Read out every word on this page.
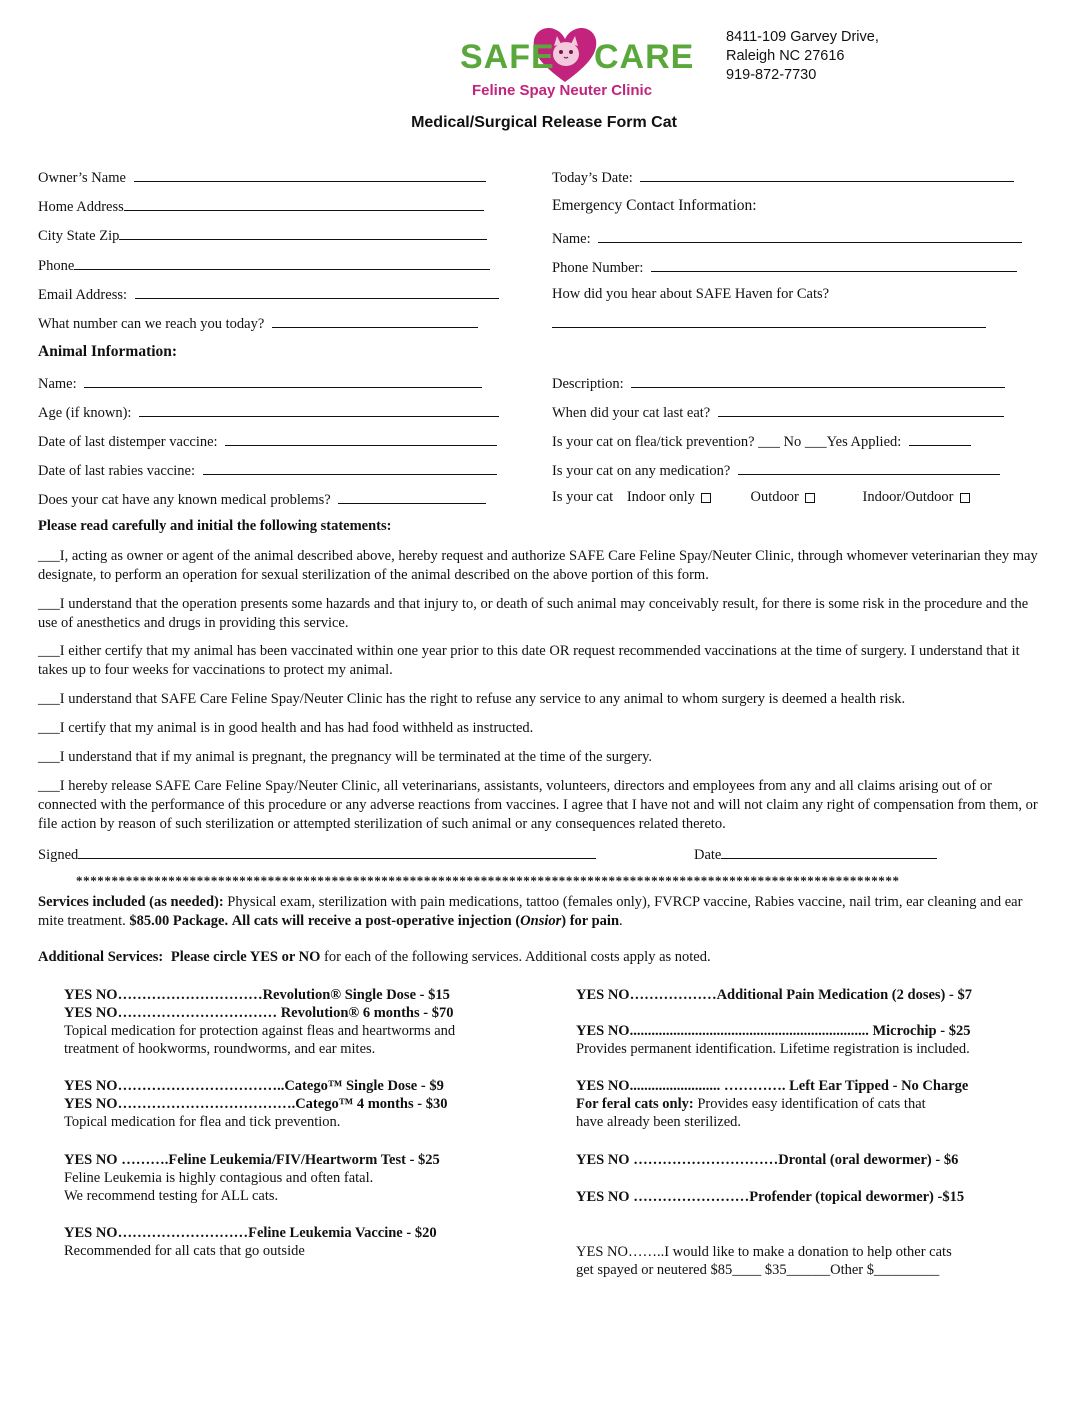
SAFE CARE
Feline Spay Neuter Clinic
8411-109 Garvey Drive,
Raleigh NC 27616
919-872-7730
Medical/Surgical Release Form Cat
Owner’s Name
Home Address
City State Zip
Phone
Email Address:
What number can we reach you today?
Today’s Date:
Emergency Contact Information:
Name:
Phone Number:
How did you hear about SAFE Haven for Cats?
Animal Information:
Name:
Age (if known):
Date of last distemper vaccine:
Date of last rabies vaccine:
Does your cat have any known medical problems?
Description:
When did your cat last eat?
Is your cat on flea/tick prevention? ___ No ___Yes Applied:
Is your cat on any medication?
Is your cat Indoor only	Outdoor	Indoor/Outdoor
Please read carefully and initial the following statements:
___I, acting as owner or agent of the animal described above, hereby request and authorize SAFE Care Feline Spay/Neuter Clinic, through whomever veterinarian they may designate, to perform an operation for sexual sterilization of the animal described on the above portion of this form.
___I understand that the operation presents some hazards and that injury to, or death of such animal may conceivably result, for there is some risk in the procedure and the use of anesthetics and drugs in providing this service.
___I either certify that my animal has been vaccinated within one year prior to this date OR request recommended vaccinations at the time of surgery. I understand that it takes up to four weeks for vaccinations to protect my animal.
___I understand that SAFE Care Feline Spay/Neuter Clinic has the right to refuse any service to any animal to whom surgery is deemed a health risk.
___I certify that my animal is in good health and has had food withheld as instructed.
___I understand that if my animal is pregnant, the pregnancy will be terminated at the time of the surgery.
___I hereby release SAFE Care Feline Spay/Neuter Clinic, all veterinarians, assistants, volunteers, directors and employees from any and all claims arising out of or connected with the performance of this procedure or any adverse reactions from vaccines. I agree that I have not and will not claim any right of compensation from them, or file action by reason of such sterilization or attempted sterilization of such animal or any consequences related thereto.
Signed	Date
********************************************************************************************************************
Services included (as needed): Physical exam, sterilization with pain medications, tattoo (females only), FVRCP vaccine, Rabies vaccine, nail trim, ear cleaning and ear mite treatment. $85.00 Package. All cats will receive a post-operative injection (Onsior) for pain.
Additional Services: Please circle YES or NO for each of the following services. Additional costs apply as noted.
YES NO…………………………Revolution® Single Dose - $15
YES NO…………………………… Revolution® 6 months - $70
Topical medication for protection against fleas and heartworms and
treatment of hookworms, roundworms, and ear mites.
YES NO……………………………..Catego™ Single Dose - $9
YES NO……………………………….Catego™ 4 months - $30
Topical medication for flea and tick prevention.
YES NO ……….Feline Leukemia/FIV/Heartworm Test - $25
Feline Leukemia is highly contagious and often fatal.
We recommend testing for ALL cats.
YES NO………………………Feline Leukemia Vaccine - $20
Recommended for all cats that go outside
YES NO………………Additional Pain Medication (2 doses) - $7
YES NO.................................................................. Microchip - $25
Provides permanent identification. Lifetime registration is included.
YES NO......................... …………. Left Ear Tipped - No Charge
For feral cats only: Provides easy identification of cats that
have already been sterilized.
YES NO …………………………Drontal (oral dewormer) - $6
YES NO ……………………Profender (topical dewormer) -$15
YES NO……..I would like to make a donation to help other cats
get spayed or neutered $85____ $35______Other $_________
